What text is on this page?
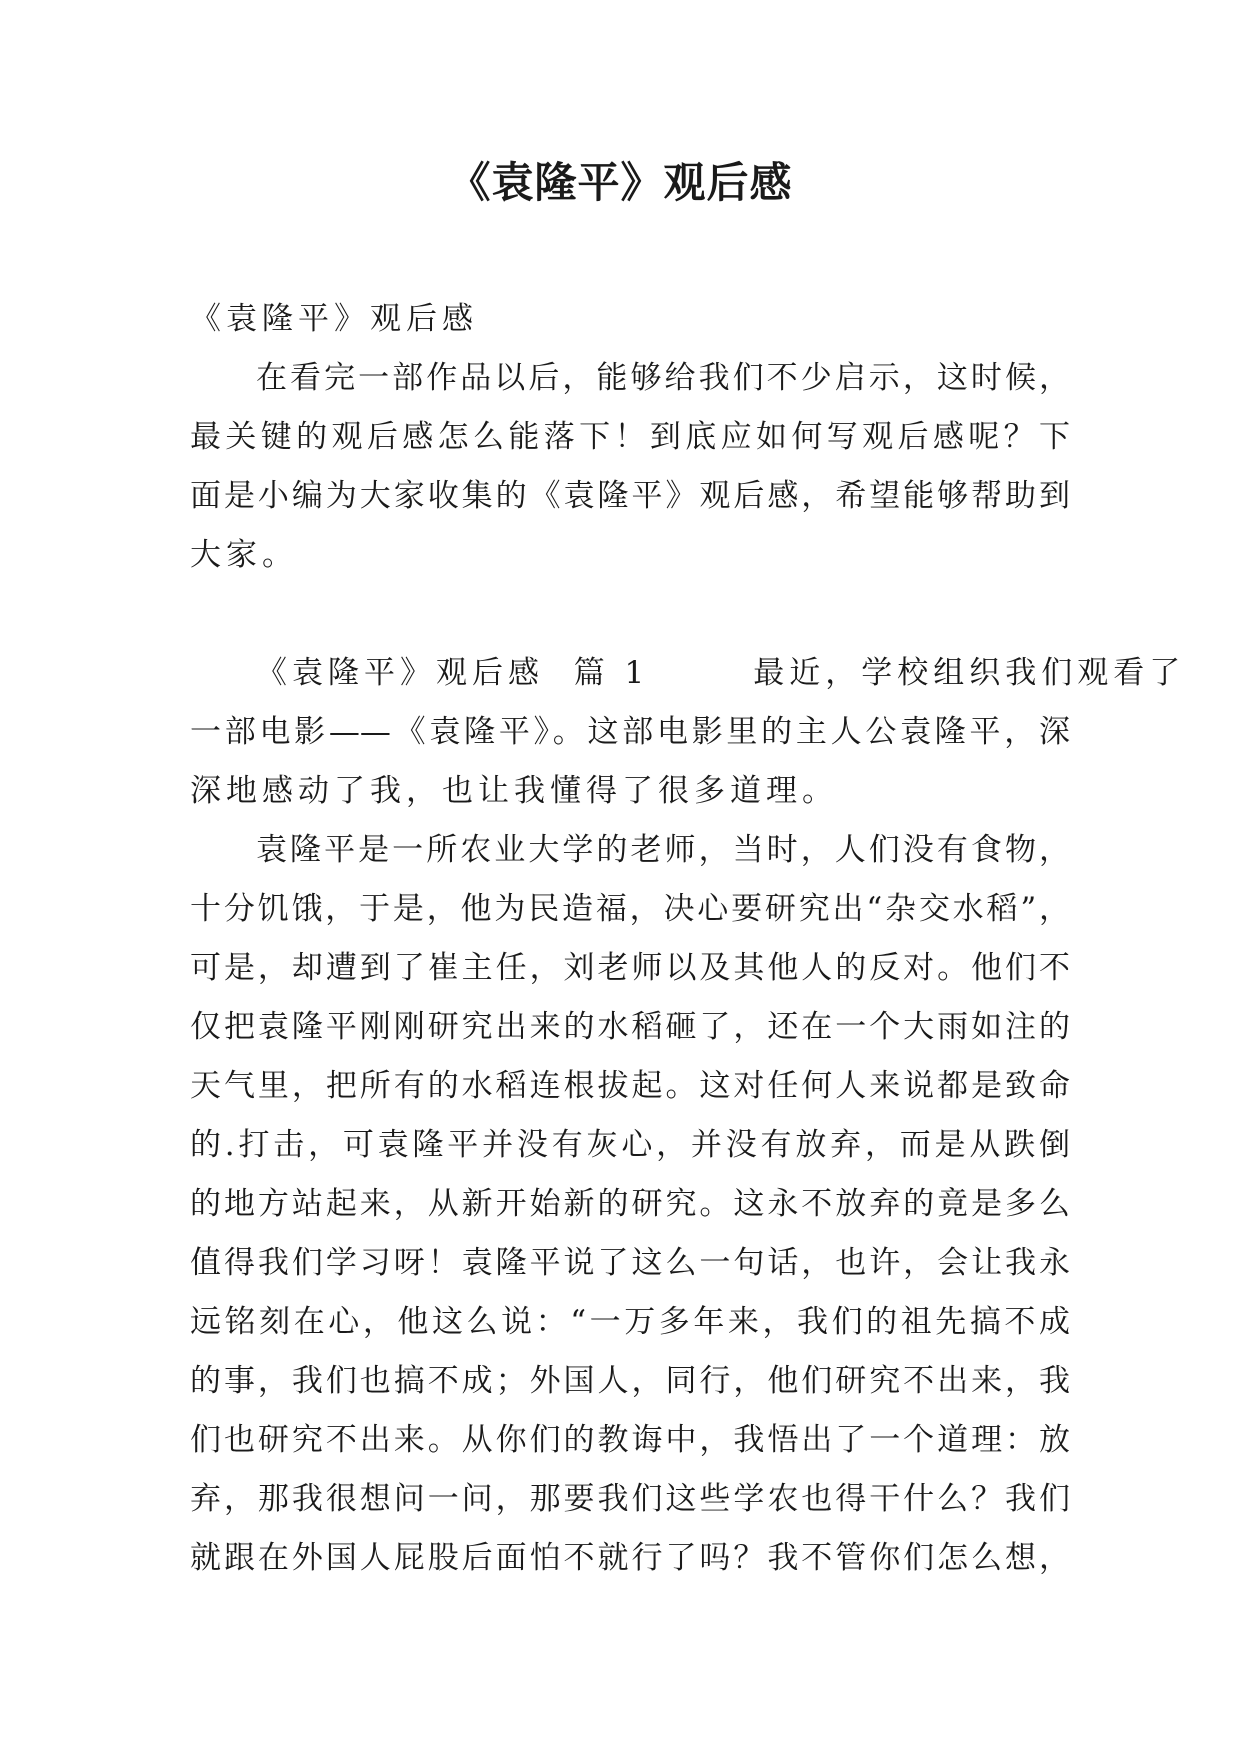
《袁隆平》观后感
《袁隆平》观后感
在看完一部作品以后，能够给我们不少启示，这时候，
最关键的观后感怎么能落下！到底应如何写观后感呢？下
面是小编为大家收集的《袁隆平》观后感，希望能够帮助到
大家。
《袁隆平》观后感  篇 1       最近，学校组织我们观看了
一部电影——《袁隆平》。这部电影里的主人公袁隆平，深
深地感动了我，也让我懂得了很多道理。
袁隆平是一所农业大学的老师，当时，人们没有食物，
十分饥饿，于是，他为民造福，决心要研究出“杂交水稻”，
可是，却遭到了崔主任，刘老师以及其他人的反对。他们不
仅把袁隆平刚刚研究出来的水稻砸了，还在一个大雨如注的
天气里，把所有的水稻连根拔起。这对任何人来说都是致命
的.打击，可袁隆平并没有灰心，并没有放弃，而是从跌倒
的地方站起来，从新开始新的研究。这永不放弃的竟是多么
值得我们学习呀！袁隆平说了这么一句话，也许，会让我永
远铭刻在心，他这么说：“一万多年来，我们的祖先搞不成
的事，我们也搞不成；外国人，同行，他们研究不出来，我
们也研究不出来。从你们的教诲中，我悟出了一个道理：放
弃，那我很想问一问，那要我们这些学农也得干什么？我们
就跟在外国人屁股后面怕不就行了吗？我不管你们怎么想，
